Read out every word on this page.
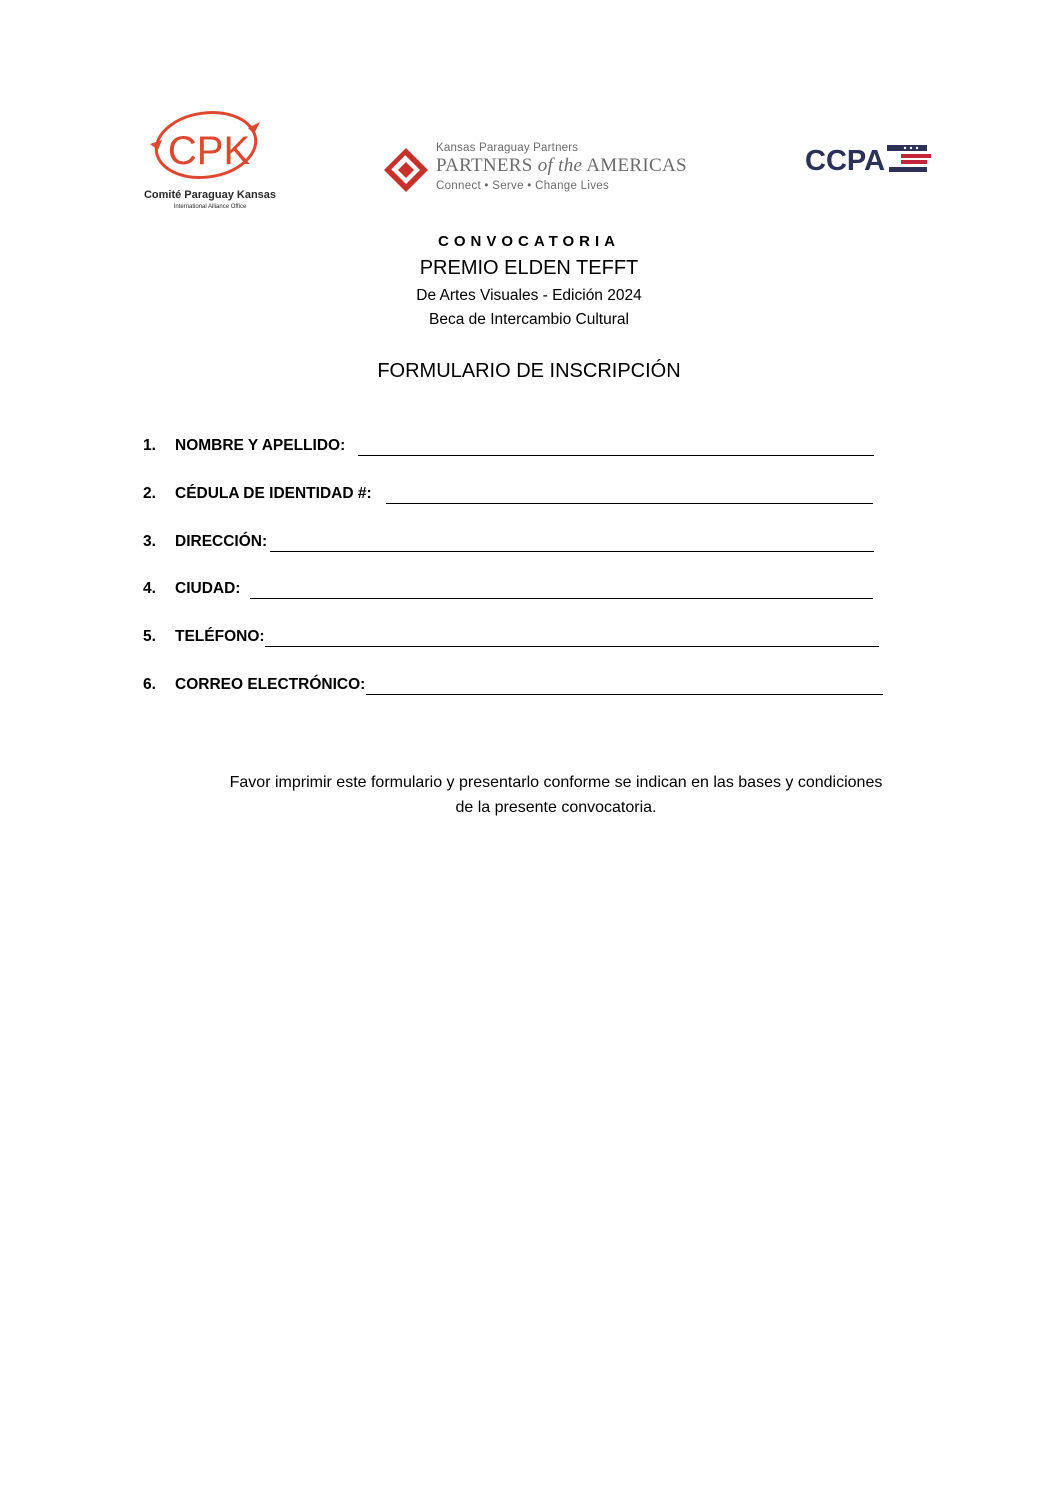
CPK
Comité Paraguay Kansas
International Alliance Office
Kansas Paraguay Partners
PARTNERS of the AMERICAS
Connect • Serve • Change Lives
CCPA
CONVOCATORIA
PREMIO ELDEN TEFFT
De Artes Visuales - Edición 2024
Beca de Intercambio Cultural
FORMULARIO DE INSCRIPCIÓN
1.	NOMBRE Y APELLIDO:
2.	CÉDULA DE IDENTIDAD #:
3.	DIRECCIÓN:
4.	CIUDAD:
5.	TELÉFONO:
6.	CORREO ELECTRÓNICO:
Favor imprimir este formulario y presentarlo conforme se indican en las bases y condiciones
de la presente convocatoria.
